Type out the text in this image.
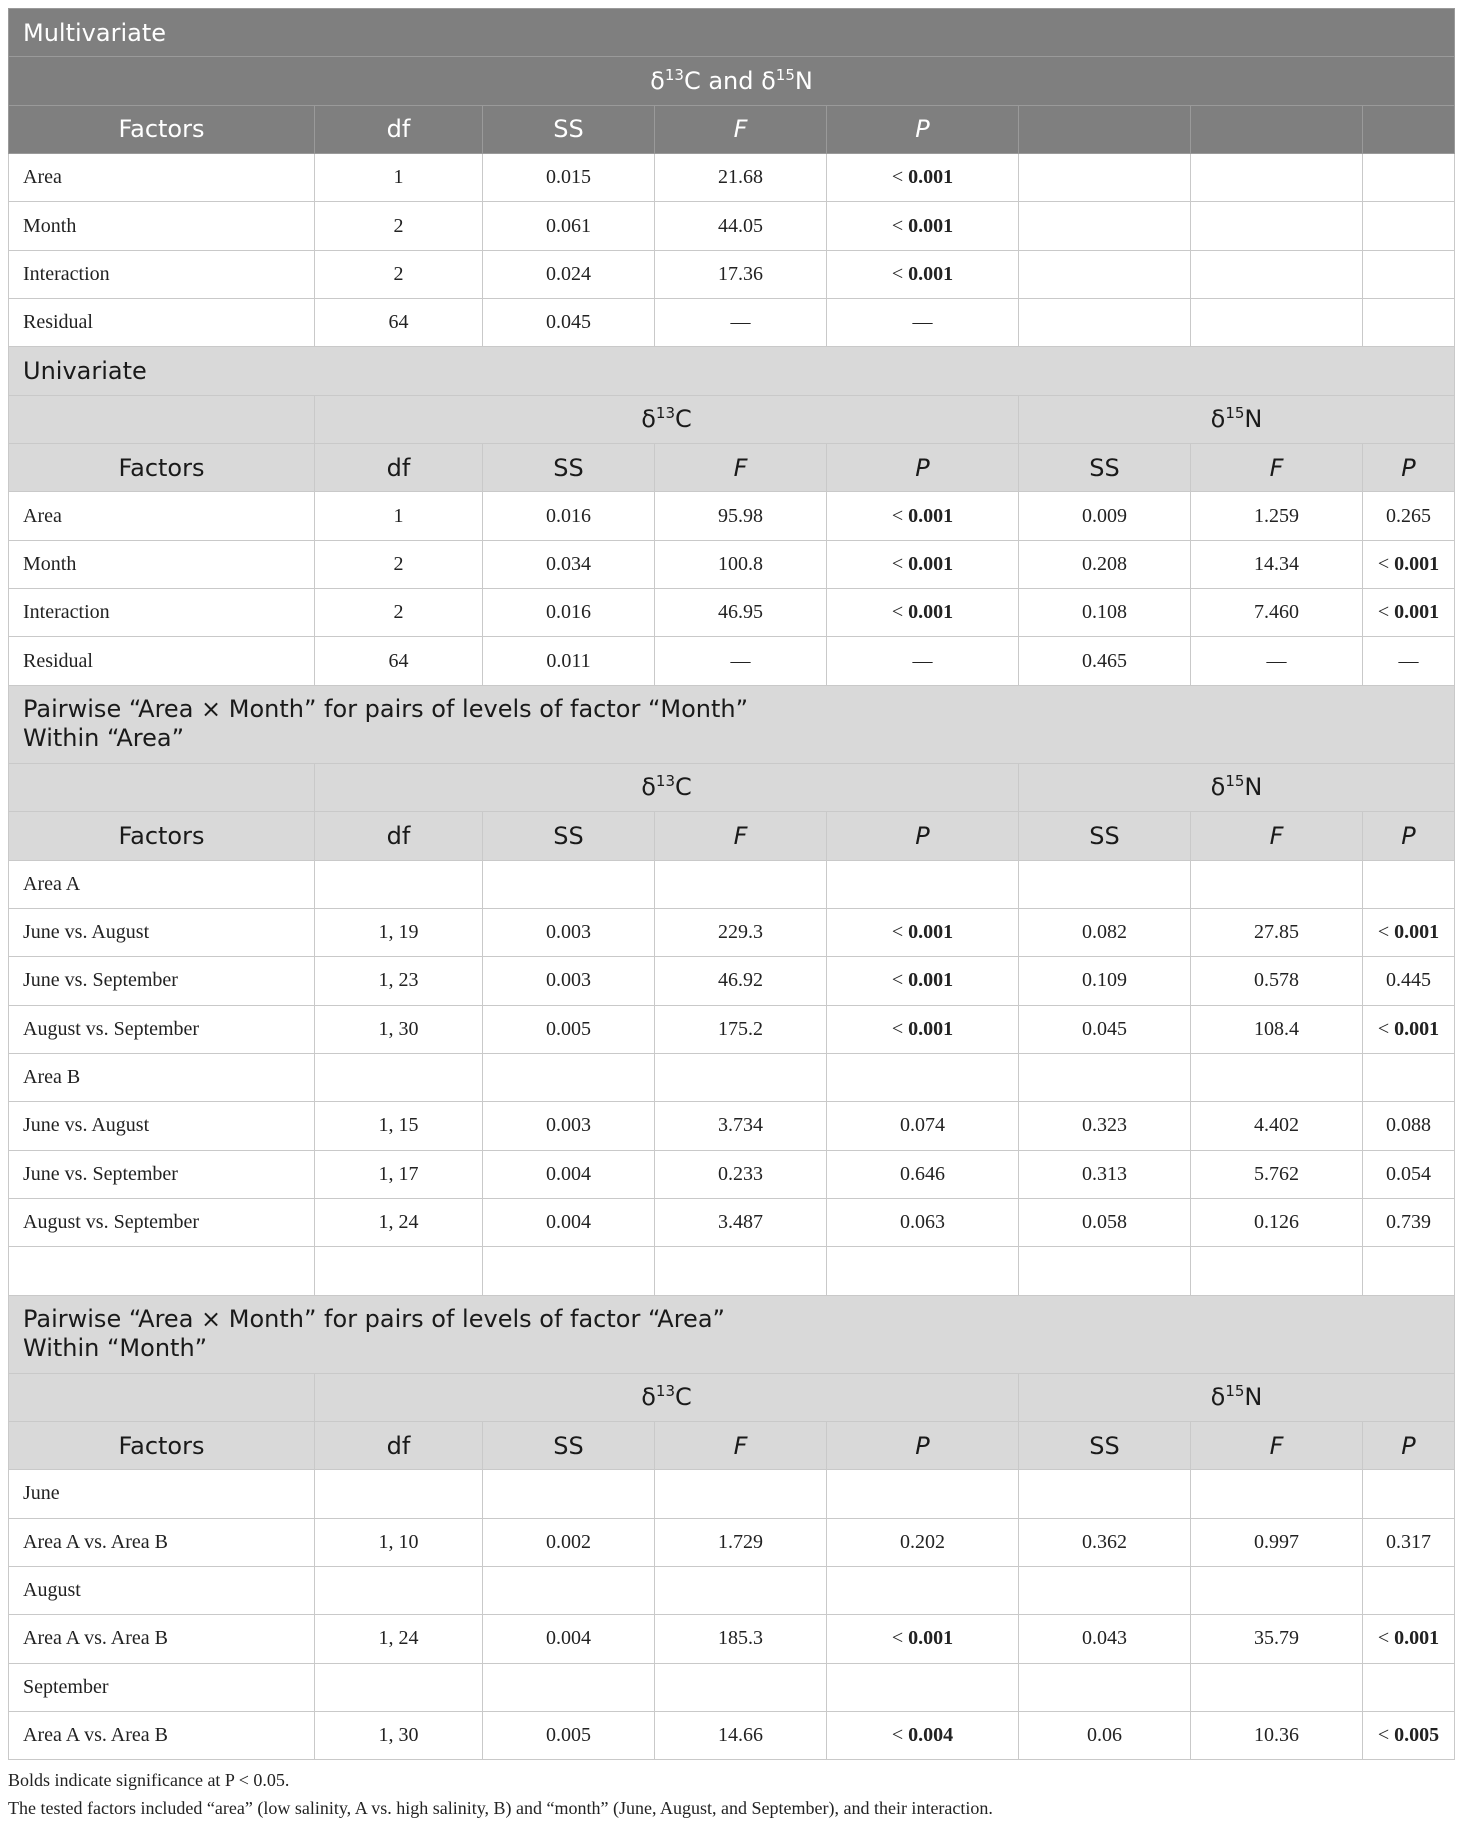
Multivariate							
$\delta^{13}C$ and $\delta^{15}N$							
Factors	df	SS	F	P			
Area	1	0.015	21.68	< 0.001			
Month	2	0.061	44.05	< 0.001			
Interaction	2	0.024	17.36	< 0.001			
Residual	64	0.045	—	—			
Univariate							
	$\delta^{13}C$				$\delta^{15}N$		
Factors	df	SS	F	P	SS	F	P
Area	1	0.016	95.98	< 0.001	0.009	1.259	0.265
Month	2	0.034	100.8	< 0.001	0.208	14.34	< 0.001
Interaction	2	0.016	46.95	< 0.001	0.108	7.460	< 0.001
Residual	64	0.011	—	—	0.465	—	—
Pairwise “Area × Month” for pairs of levels of factor “Month”
Within “Area”							
	$\delta^{13}C$				$\delta^{15}N$		
Factors	df	SS	F	P	SS	F	P
Area A							
June vs. August	1, 19	0.003	229.3	< 0.001	0.082	27.85	< 0.001
June vs. September	1, 23	0.003	46.92	< 0.001	0.109	0.578	0.445
August vs. September	1, 30	0.005	175.2	< 0.001	0.045	108.4	< 0.001
Area B							
June vs. August	1, 15	0.003	3.734	0.074	0.323	4.402	0.088
June vs. September	1, 17	0.004	0.233	0.646	0.313	5.762	0.054
August vs. September	1, 24	0.004	3.487	0.063	0.058	0.126	0.739

Pairwise “Area × Month” for pairs of levels of factor “Area”
Within “Month”							
	$\delta^{13}C$				$\delta^{15}N$		
Factors	df	SS	F	P	SS	F	P
June							
Area A vs. Area B	1, 10	0.002	1.729	0.202	0.362	0.997	0.317
August							
Area A vs. Area B	1, 24	0.004	185.3	< 0.001	0.043	35.79	< 0.001
September							
Area A vs. Area B	1, 30	0.005	14.66	< 0.004	0.06	10.36	< 0.005
Bolds indicate significance at P < 0.05.
The tested factors included “area” (low salinity, A vs. high salinity, B) and “month” (June, August, and September), and their interaction.
